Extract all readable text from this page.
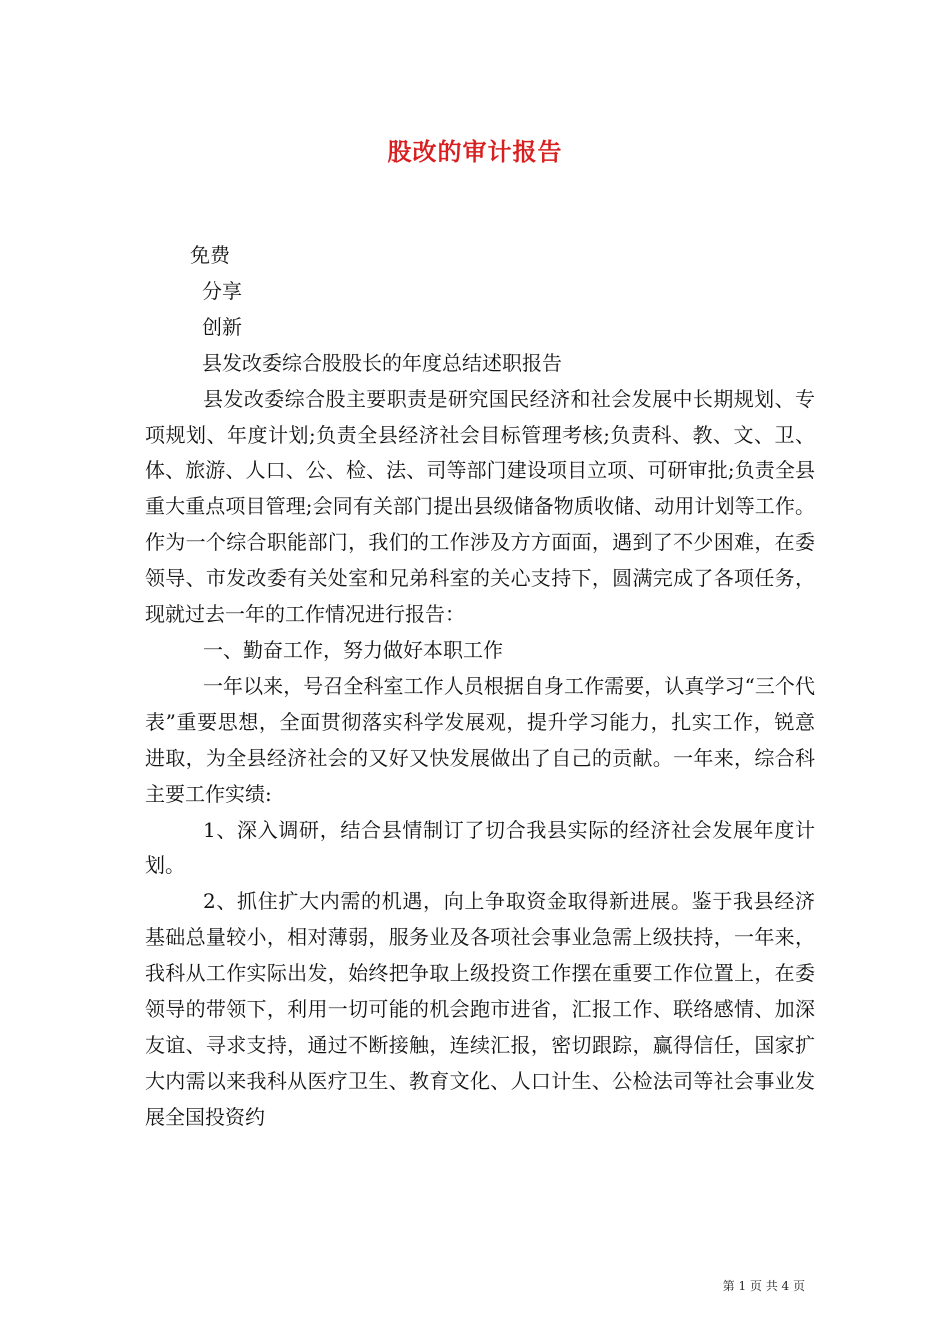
股改的审计报告

免费

分享

创新

县发改委综合股股长的年度总结述职报告

县发改委综合股主要职责是研究国民经济和社会发展中长期规划、专项规划、年度计划;负责全县经济社会目标管理考核;负责科、教、文、卫、体、旅游、人口、公、检、法、司等部门建设项目立项、可研审批;负责全县重大重点项目管理;会同有关部门提出县级储备物质收储、动用计划等工作。作为一个综合职能部门，我们的工作涉及方方面面，遇到了不少困难，在委领导、市发改委有关处室和兄弟科室的关心支持下，圆满完成了各项任务，现就过去一年的工作情况进行报告：

一、勤奋工作，努力做好本职工作

一年以来，号召全科室工作人员根据自身工作需要，认真学习“三个代表”重要思想，全面贯彻落实科学发展观，提升学习能力，扎实工作，锐意进取，为全县经济社会的又好又快发展做出了自己的贡献。一年来，综合科主要工作实绩:

1、深入调研，结合县情制订了切合我县实际的经济社会发展年度计划。

2、抓住扩大内需的机遇，向上争取资金取得新进展。鉴于我县经济基础总量较小，相对薄弱，服务业及各项社会事业急需上级扶持，一年来，我科从工作实际出发，始终把争取上级投资工作摆在重要工作位置上，在委领导的带领下，利用一切可能的机会跑市进省，汇报工作、联络感情、加深友谊、寻求支持，通过不断接触，连续汇报，密切跟踪，赢得信任，国家扩大内需以来我科从医疗卫生、教育文化、人口计生、公检法司等社会事业发展全国投资约

第 1 页 共 4 页
